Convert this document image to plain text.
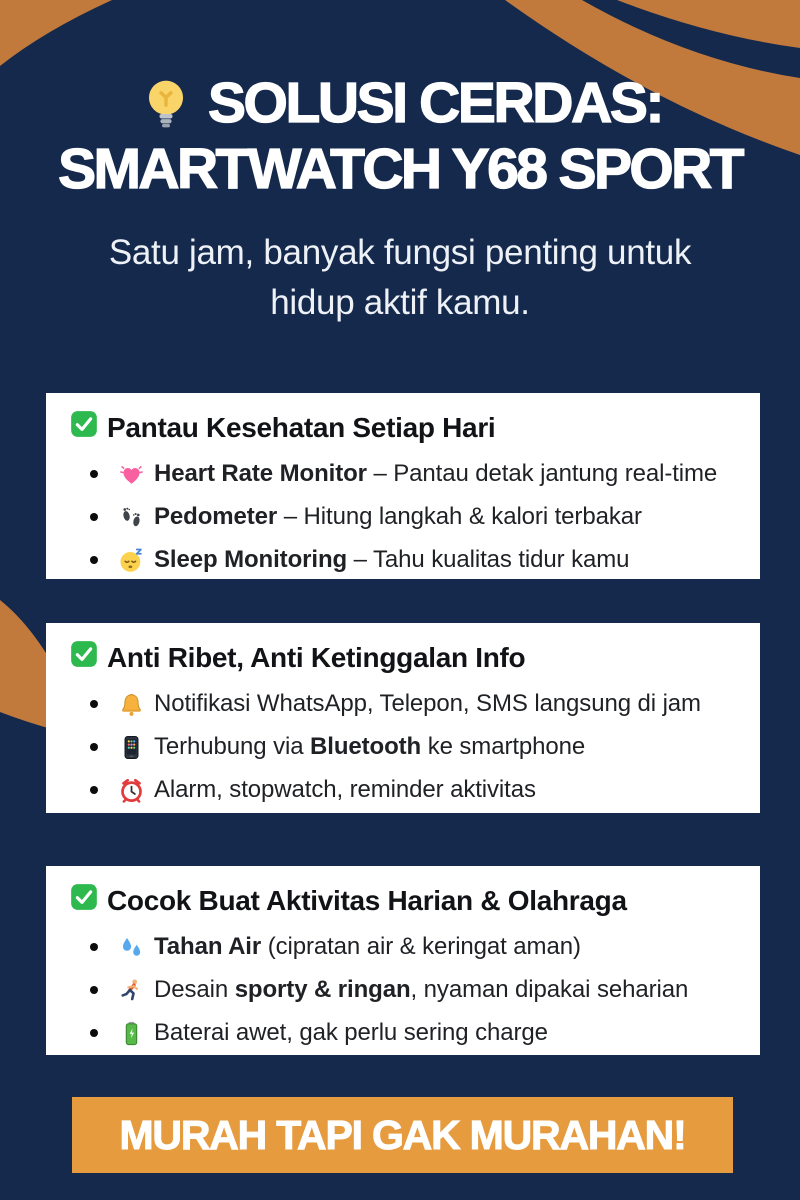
SOLUSI CERDAS:
SMARTWATCH Y68 SPORT

Satu jam, banyak fungsi penting untuk
hidup aktif kamu.

Pantau Kesehatan Setiap Hari
Heart Rate Monitor – Pantau detak jantung real-time
Pedometer – Hitung langkah & kalori terbakar
Sleep Monitoring – Tahu kualitas tidur kamu
Anti Ribet, Anti Ketinggalan Info
Notifikasi WhatsApp, Telepon, SMS langsung di jam
Terhubung via Bluetooth ke smartphone
Alarm, stopwatch, reminder aktivitas
Cocok Buat Aktivitas Harian & Olahraga
Tahan Air (cipratan air & keringat aman)
Desain sporty & ringan, nyaman dipakai seharian
Baterai awet, gak perlu sering charge
MURAH TAPI GAK MURAHAN!
